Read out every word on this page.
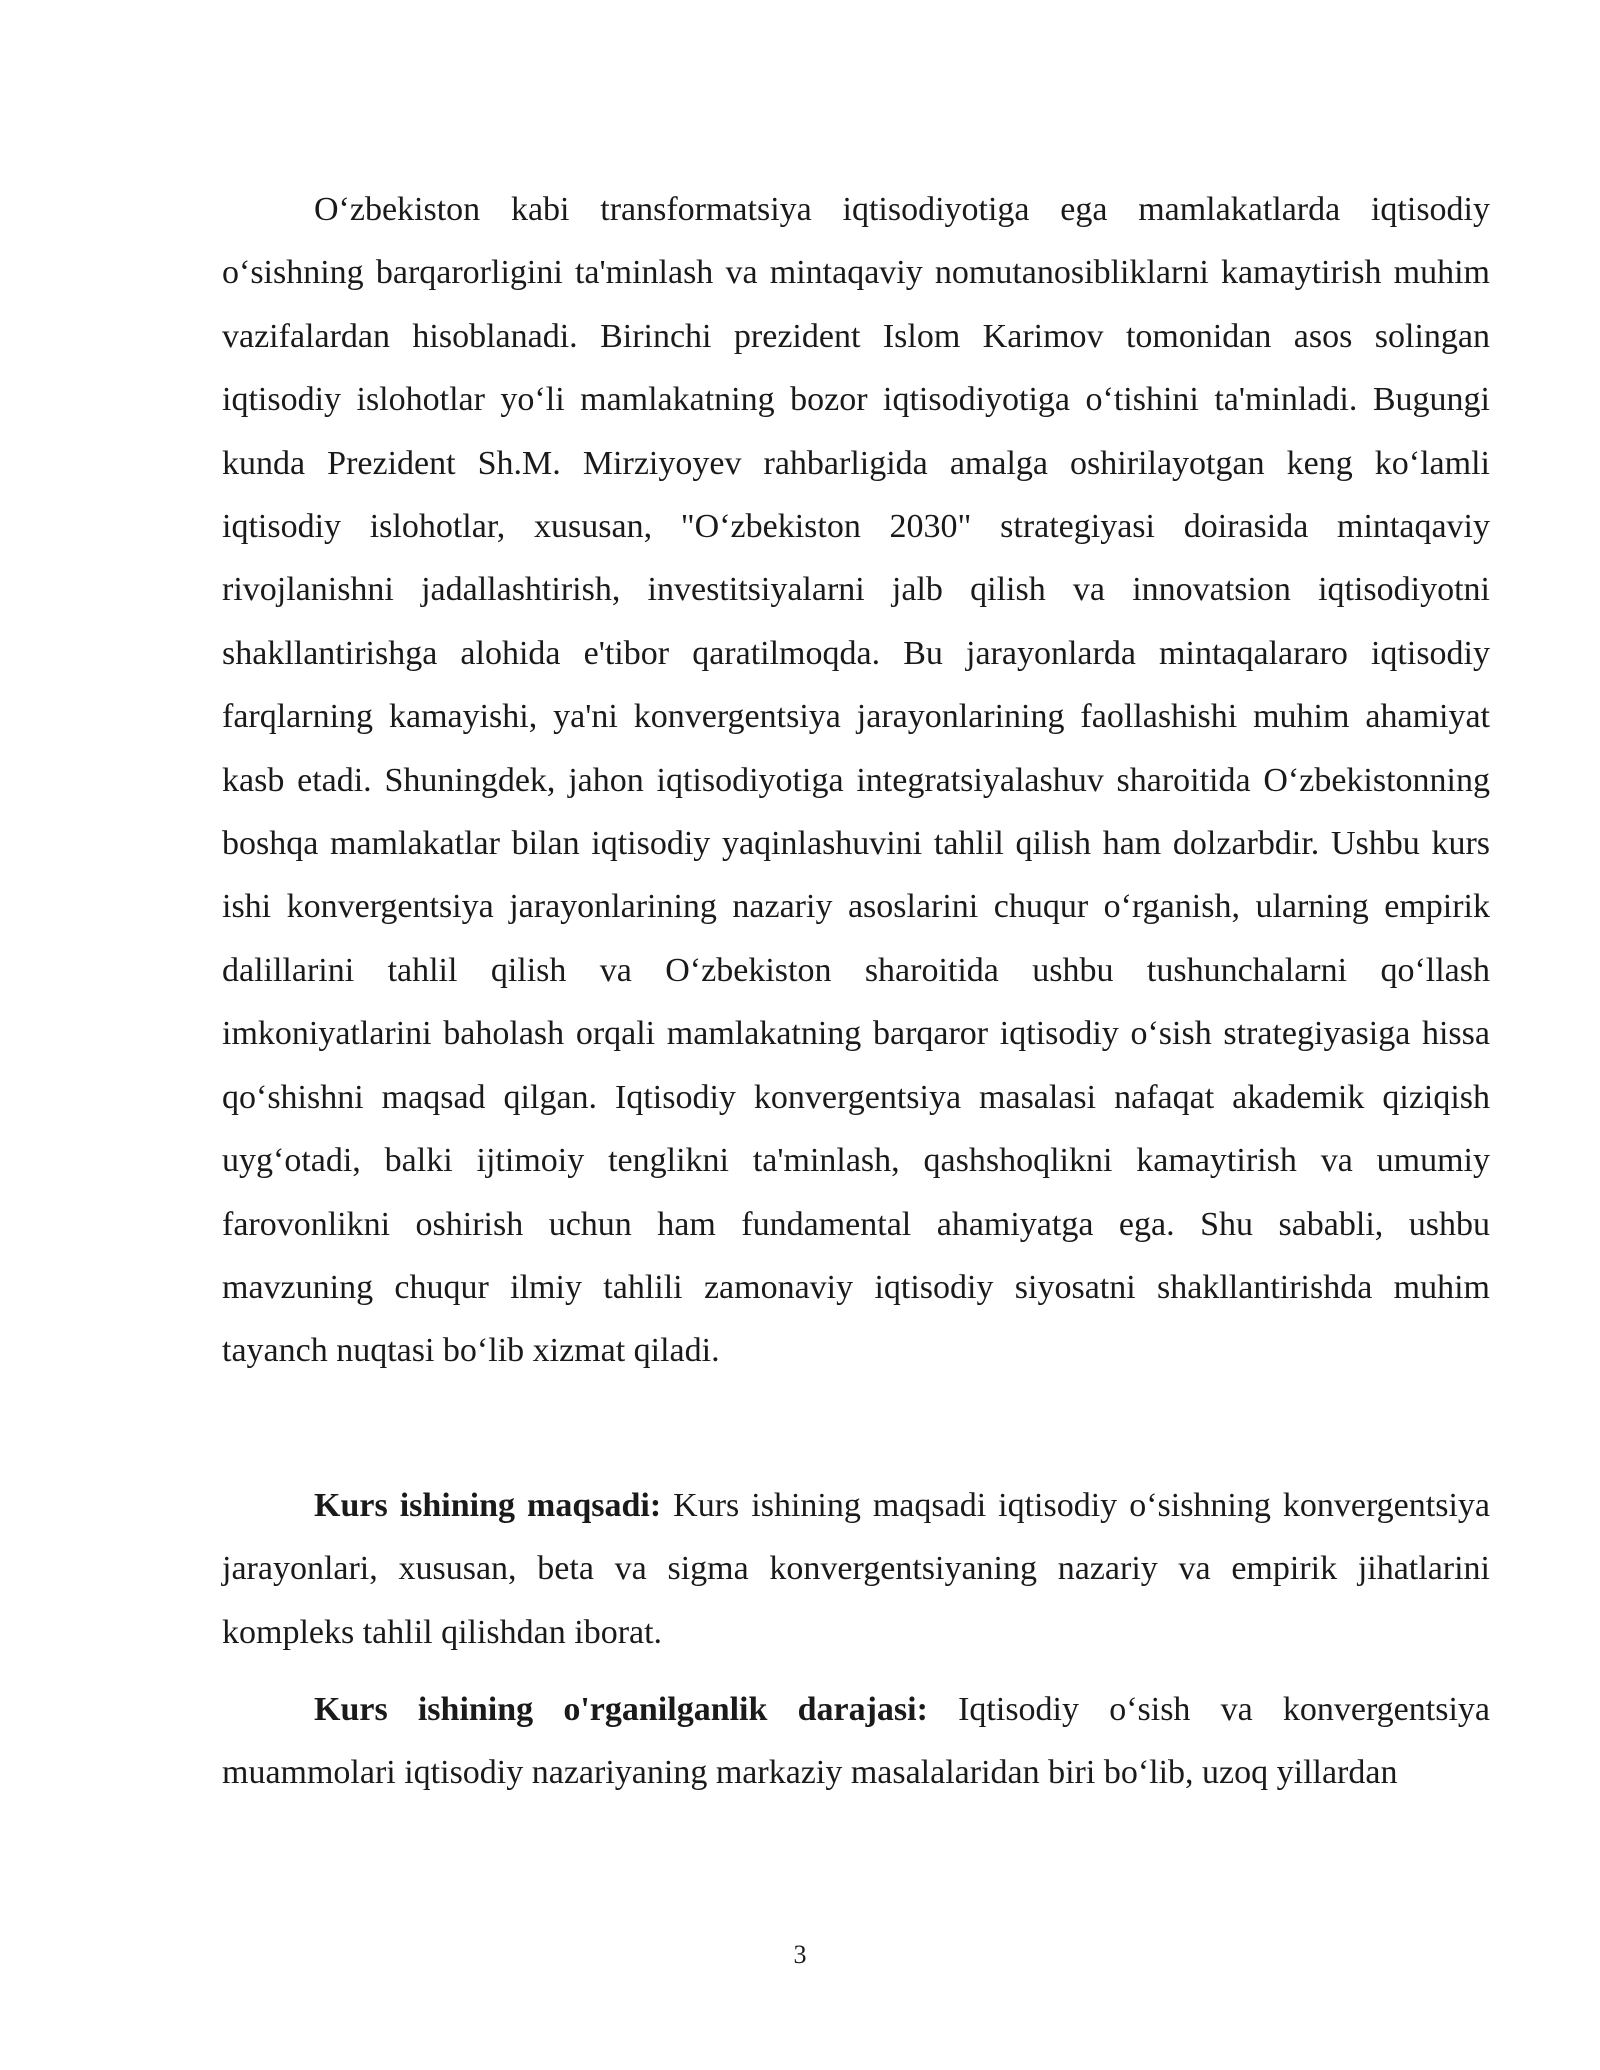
O‘zbekiston kabi transformatsiya iqtisodiyotiga ega mamlakatlarda iqtisodiy o‘sishning barqarorligini ta'minlash va mintaqaviy nomutanosibliklarni kamaytirish muhim vazifalardan hisoblanadi. Birinchi prezident Islom Karimov tomonidan asos solingan iqtisodiy islohotlar yo‘li mamlakatning bozor iqtisodiyotiga o‘tishini ta'minladi. Bugungi kunda Prezident Sh.M. Mirziyoyev rahbarligida amalga oshirilayotgan keng ko‘lamli iqtisodiy islohotlar, xususan, "O‘zbekiston 2030" strategiyasi doirasida mintaqaviy rivojlanishni jadallashtirish, investitsiyalarni jalb qilish va innovatsion iqtisodiyotni shakllantirishga alohida e'tibor qaratilmoqda. Bu jarayonlarda mintaqalararo iqtisodiy farqlarning kamayishi, ya'ni konvergentsiya jarayonlarining faollashishi muhim ahamiyat kasb etadi. Shuningdek, jahon iqtisodiyotiga integratsiyalashuv sharoitida O‘zbekistonning boshqa mamlakatlar bilan iqtisodiy yaqinlashuvini tahlil qilish ham dolzarbdir. Ushbu kurs ishi konvergentsiya jarayonlarining nazariy asoslarini chuqur o‘rganish, ularning empirik dalillarini tahlil qilish va O‘zbekiston sharoitida ushbu tushunchalarni qo‘llash imkoniyatlarini baholash orqali mamlakatning barqaror iqtisodiy o‘sish strategiyasiga hissa qo‘shishni maqsad qilgan. Iqtisodiy konvergentsiya masalasi nafaqat akademik qiziqish uyg‘otadi, balki ijtimoiy tenglikni ta'minlash, qashshoqlikni kamaytirish va umumiy farovonlikni oshirish uchun ham fundamental ahamiyatga ega. Shu sababli, ushbu mavzuning chuqur ilmiy tahlili zamonaviy iqtisodiy siyosatni shakllantirishda muhim tayanch nuqtasi bo‘lib xizmat qiladi.

Kurs ishining maqsadi: Kurs ishining maqsadi iqtisodiy o‘sishning konvergentsiya jarayonlari, xususan, beta va sigma konvergentsiyaning nazariy va empirik jihatlarini kompleks tahlil qilishdan iborat.

Kurs ishining o'rganilganlik darajasi: Iqtisodiy o‘sish va konvergentsiya muammolari iqtisodiy nazariyaning markaziy masalalaridan biri bo‘lib, uzoq yillardan

3
